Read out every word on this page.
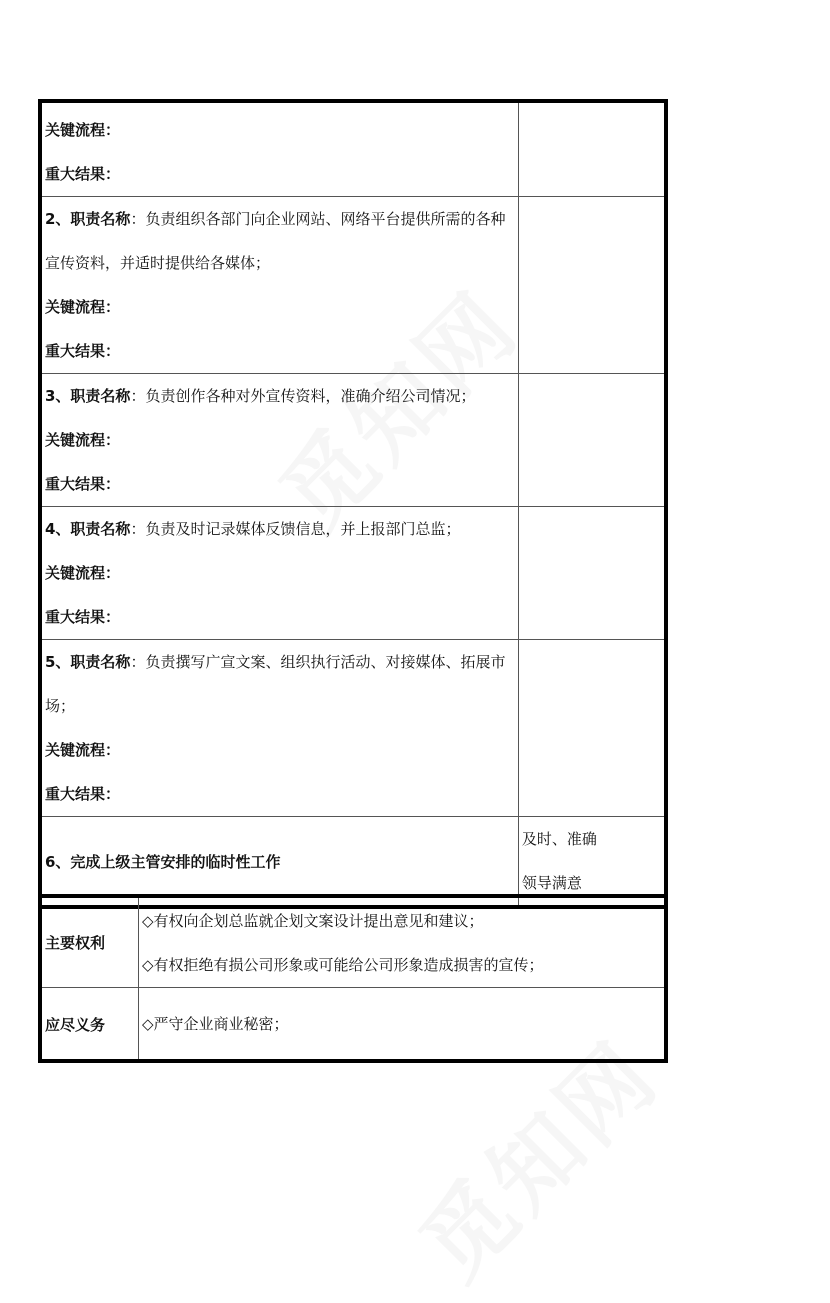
关键流程：
重大结果：	

2、职责名称：负责组织各部门向企业网站、网络平台提供所需的各种宣传资料，并适时提供给各媒体；
关键流程：
重大结果：	

3、职责名称：负责创作各种对外宣传资料，准确介绍公司情况；
关键流程：
重大结果：	

4、职责名称：负责及时记录媒体反馈信息，并上报部门总监；
关键流程：
重大结果：	

5、职责名称：负责撰写广宣文案、组织执行活动、对接媒体、拓展市场；
关键流程：
重大结果：	

6、完成上级主管安排的临时性工作	及时、准确
领导满意
主要权利	◇有权向企划总监就企划文案设计提出意见和建议；
◇有权拒绝有损公司形象或可能给公司形象造成损害的宣传；

应尽义务	◇严守企业商业秘密；
